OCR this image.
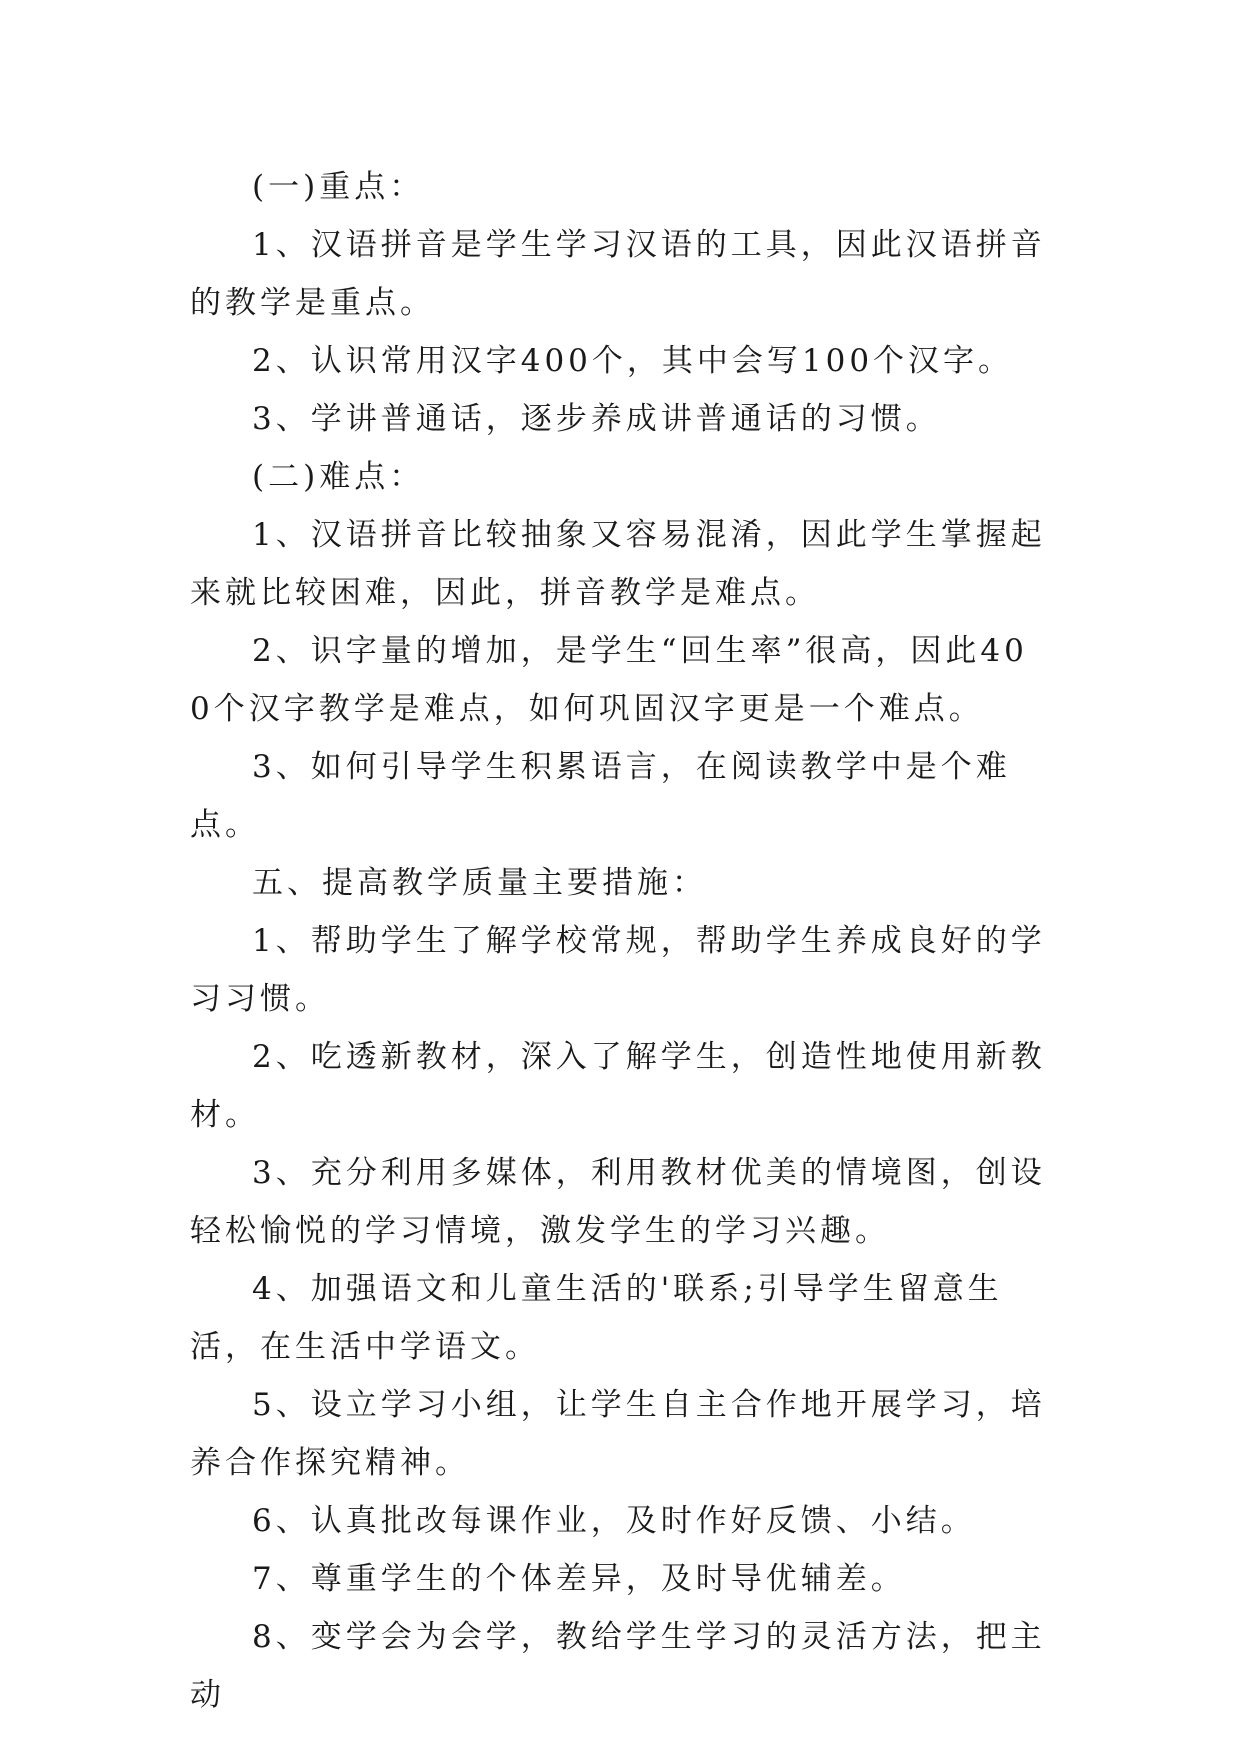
(一)重点：

1、汉语拼音是学生学习汉语的工具，因此汉语拼音的教学是重点。

2、认识常用汉字400个，其中会写100个汉字。

3、学讲普通话，逐步养成讲普通话的习惯。

(二)难点：

1、汉语拼音比较抽象又容易混淆，因此学生掌握起来就比较困难，因此，拼音教学是难点。

2、识字量的增加，是学生“回生率”很高，因此400个汉字教学是难点，如何巩固汉字更是一个难点。

3、如何引导学生积累语言，在阅读教学中是个难点。

五、提高教学质量主要措施：

1、帮助学生了解学校常规，帮助学生养成良好的学习习惯。

2、吃透新教材，深入了解学生，创造性地使用新教材。

3、充分利用多媒体，利用教材优美的情境图，创设轻松愉悦的学习情境，激发学生的学习兴趣。

4、加强语文和儿童生活的'联系;引导学生留意生活，在生活中学语文。

5、设立学习小组，让学生自主合作地开展学习，培养合作探究精神。

6、认真批改每课作业，及时作好反馈、小结。

7、尊重学生的个体差异，及时导优辅差。

8、变学会为会学，教给学生学习的灵活方法，把主动
